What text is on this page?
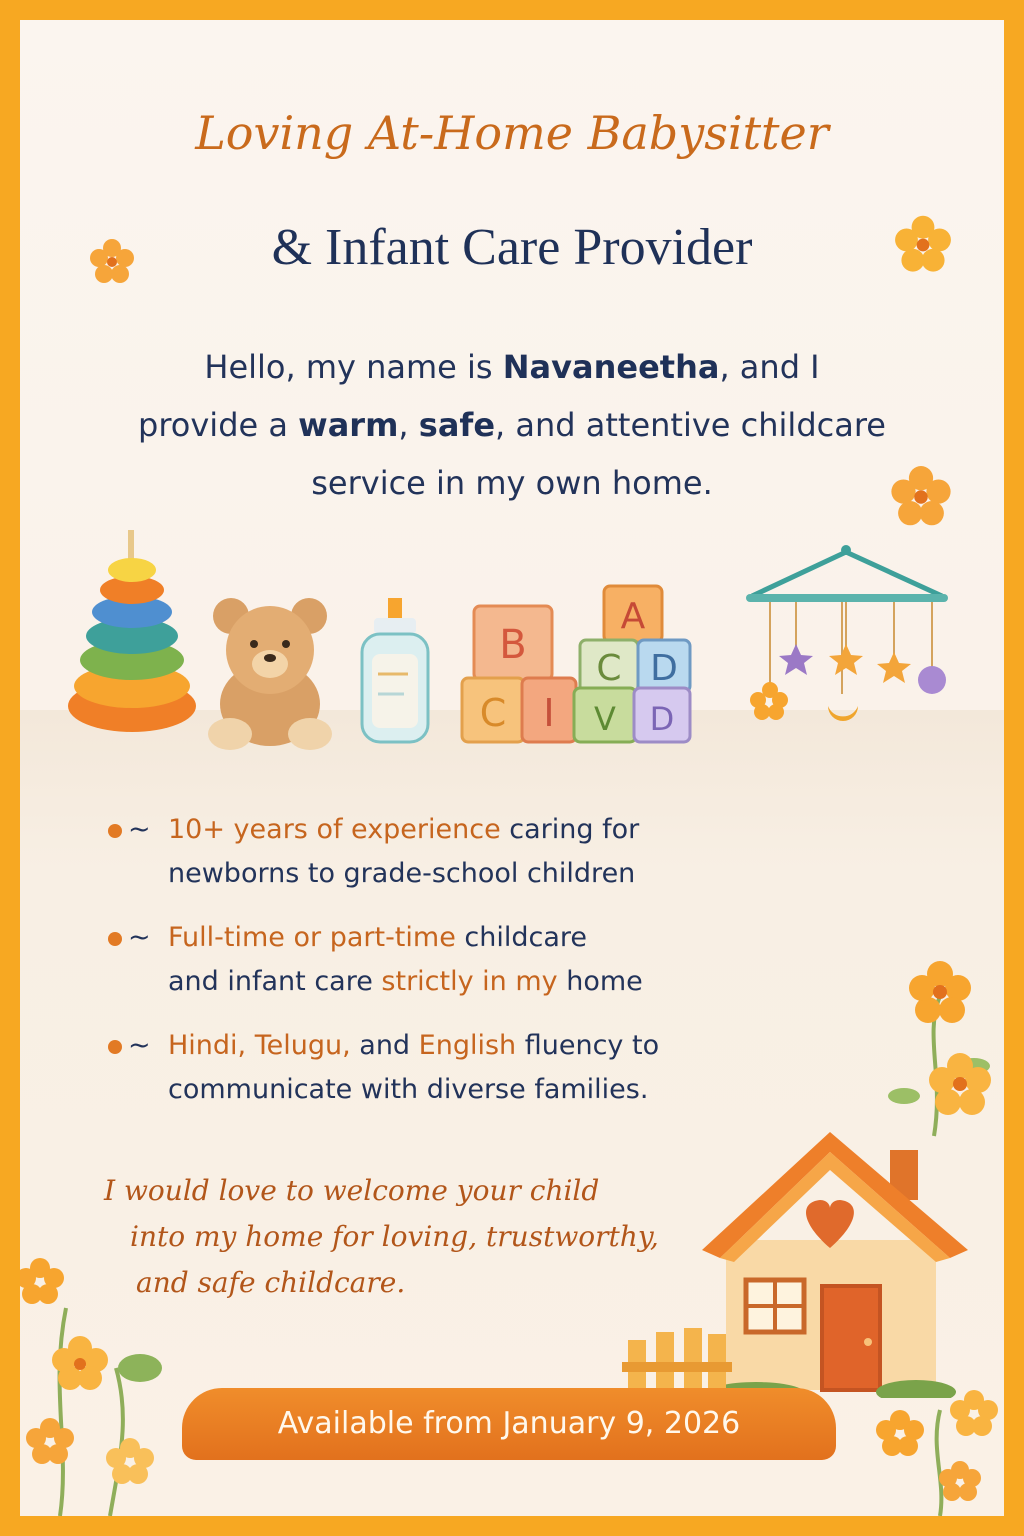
Loving At-Home Babysitter
& Infant Care Provider
Hello, my name is Navaneetha, and I
provide a warm, safe, and attentive childcare
service in my own home.
B
A
C D
C I V D
~ 10+ years of experience caring for
newborns to grade-school children
~ Full-time or part-time childcare
and infant care strictly in my home
~ Hindi, Telugu, and English fluency to
communicate with diverse families.
I would love to welcome your child
into my home for loving, trustworthy,
and safe childcare.
Available from January 9, 2026
